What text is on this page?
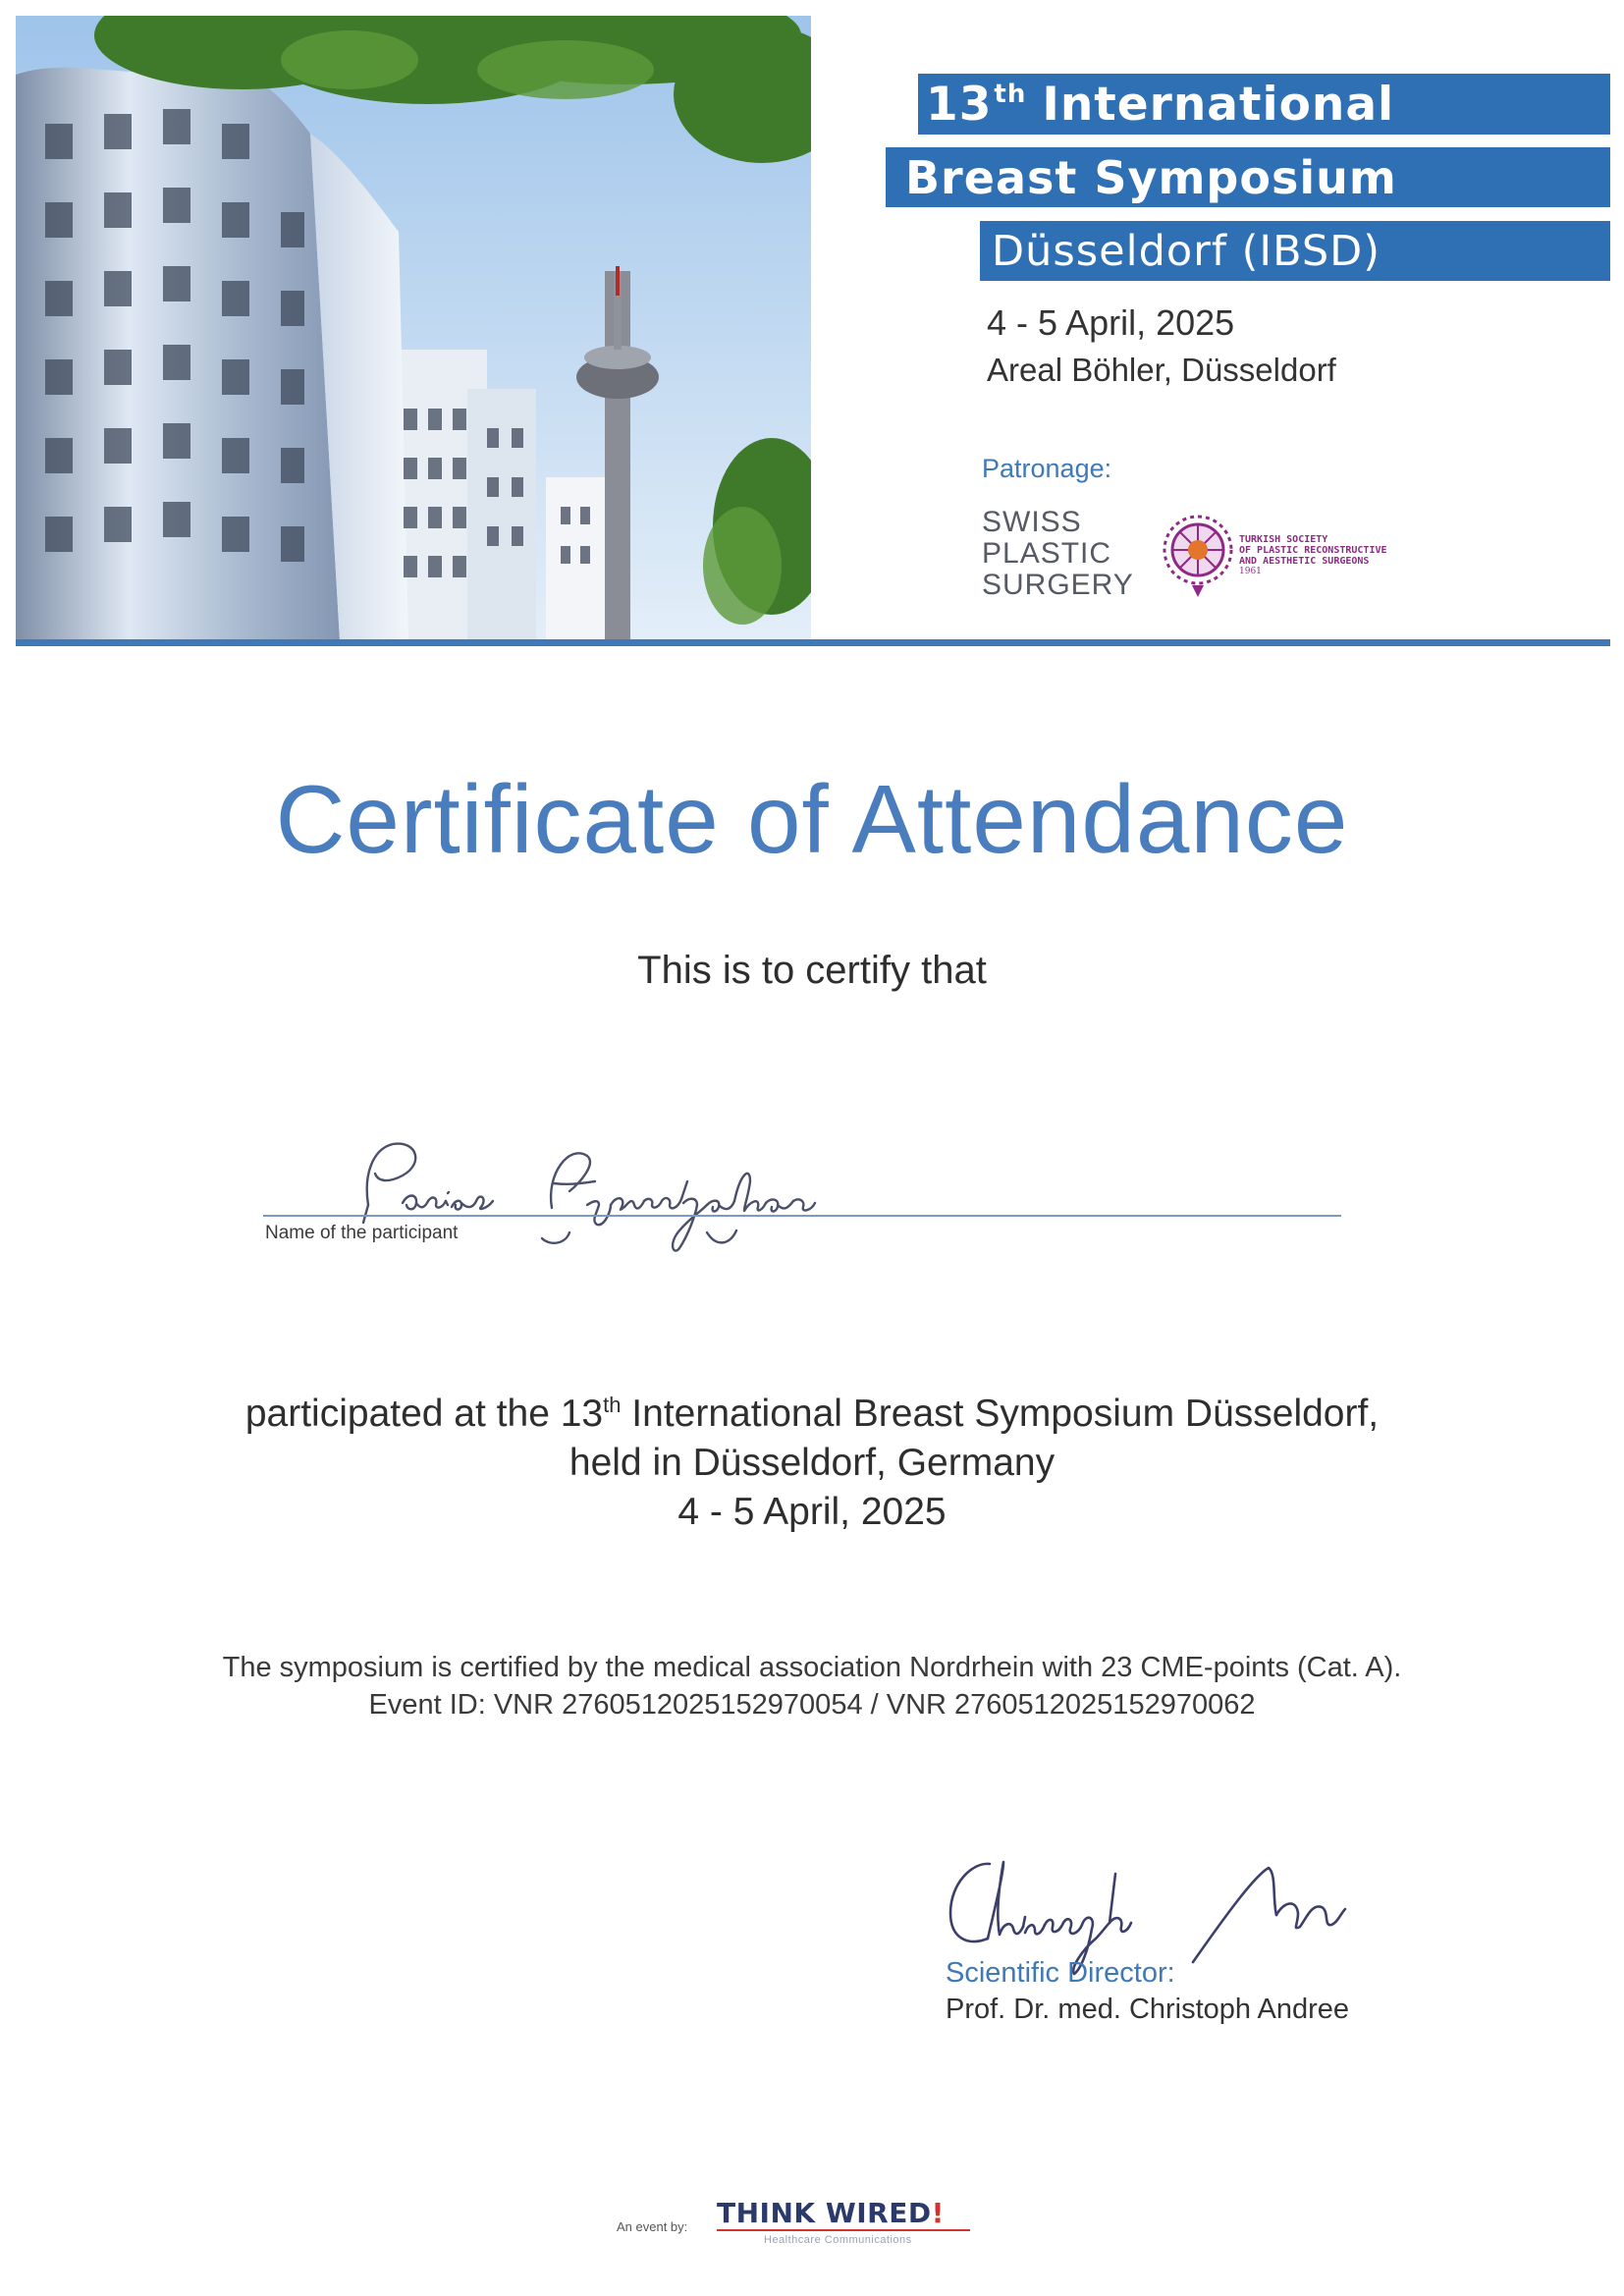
13th International
Breast Symposium
Düsseldorf (IBSD)
4 - 5 April, 2025
Areal Böhler, Düsseldorf
Patronage:
SWISS
PLASTIC
SURGERY
TURKISH SOCIETY
OF PLASTIC RECONSTRUCTIVE
AND AESTHETIC SURGEONS
1961
Certificate of Attendance
This is to certify that
Name of the participant
participated at the 13th International Breast Symposium Düsseldorf,
held in Düsseldorf, Germany
4 - 5 April, 2025
The symposium is certified by the medical association Nordrhein with 23 CME-points (Cat. A).
Event ID: VNR 2760512025152970054 / VNR 2760512025152970062
Scientific Director:
Prof. Dr. med. Christoph Andree
An event by: THINK WIRED!
Healthcare Communications
